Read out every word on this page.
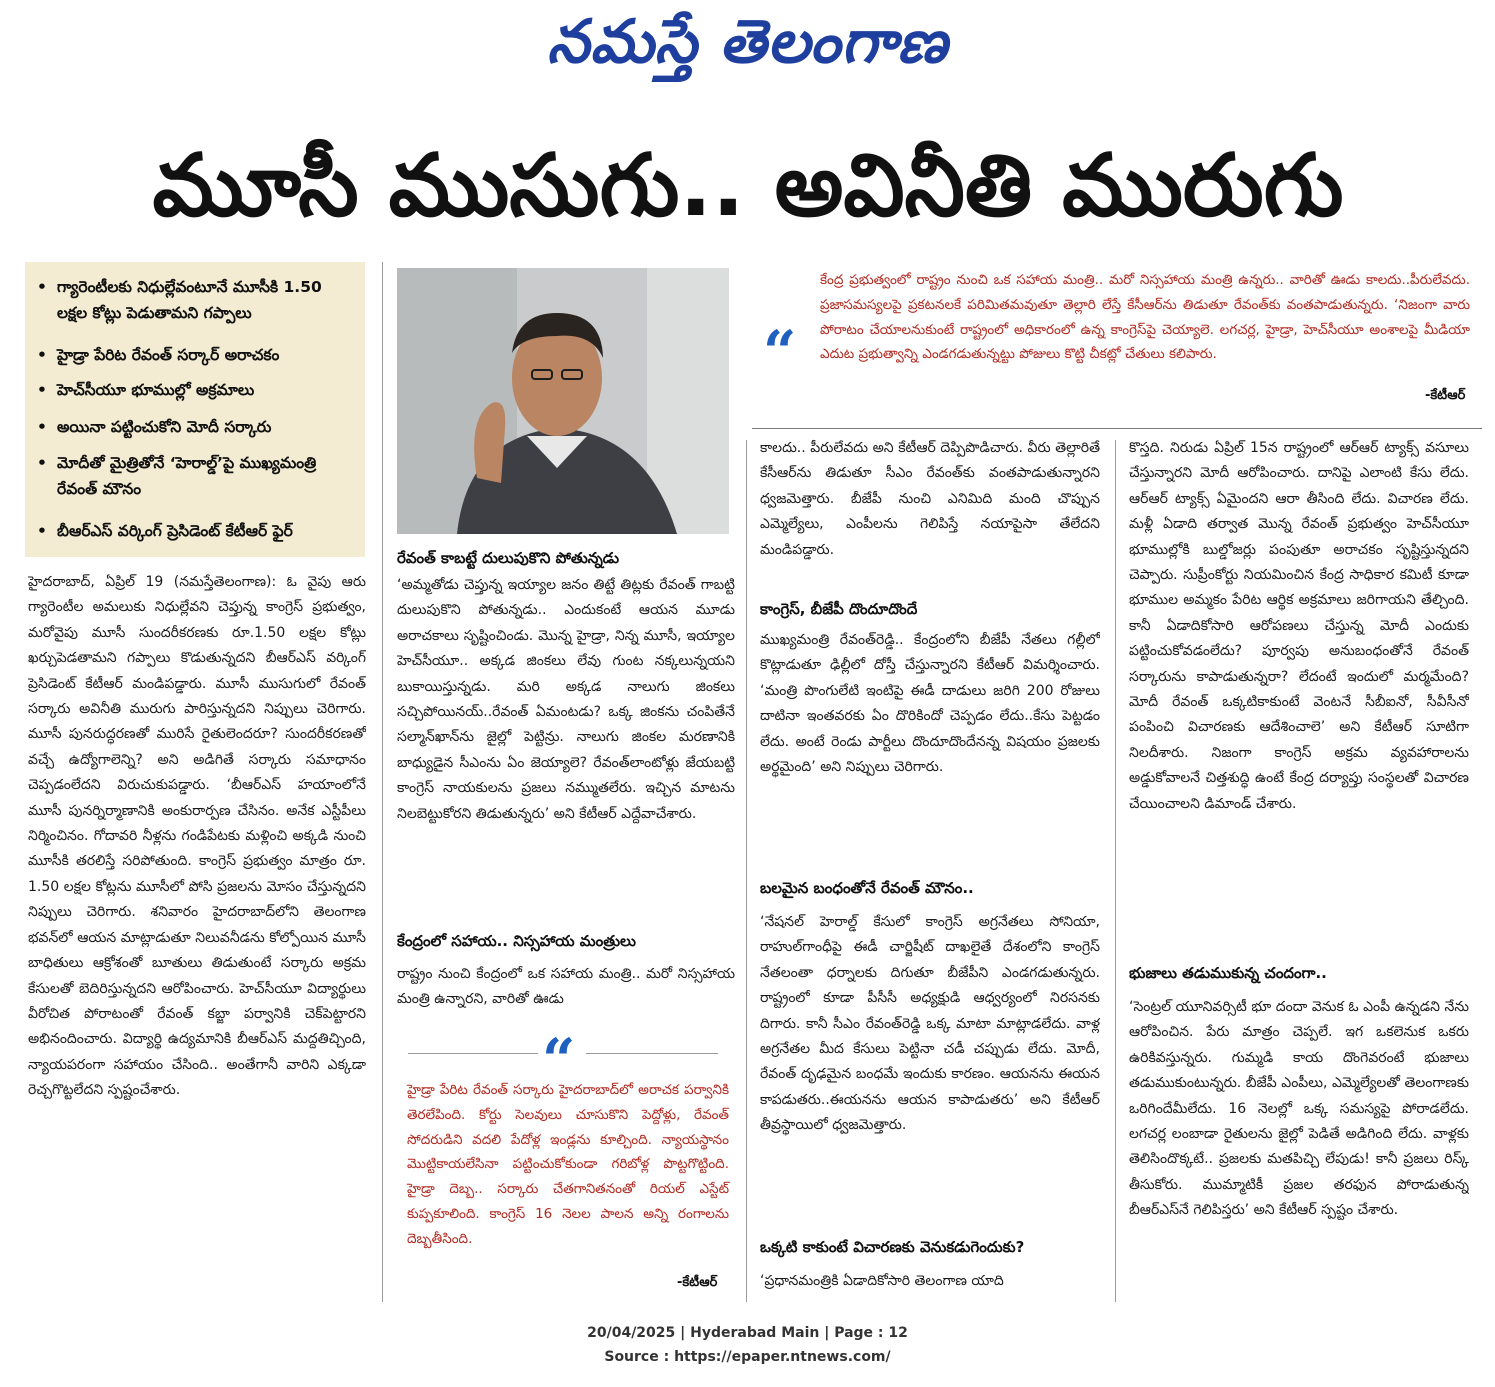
నమస్తే తెలంగాణ
మూసీ ముసుగు.. అవినీతి మురుగు
• గ్యారెంటీలకు నిధుల్లేవంటూనే మూసీకి 1.50 లక్షల కోట్లు పెడుతామని గప్పాలు
• హైడ్రా పేరిట రేవంత్ సర్కార్ అరాచకం
• హెచ్‌సీయూ భూముల్లో అక్రమాలు
• అయినా పట్టించుకోని మోదీ సర్కారు
• మోదీతో మైత్రితోనే ‘హెరాల్డ్’పై ముఖ్యమంత్రి రేవంత్ మౌనం
• బీఆర్ఎస్ వర్కింగ్ ప్రెసిడెంట్ కేటీఆర్ ఫైర్
రేవంత్ కాబట్టే దులుపుకొని పోతున్నడు
“
కేంద్ర ప్రభుత్వంలో రాష్ట్రం నుంచి ఒక సహాయ మంత్రి.. మరో నిస్సహాయ మంత్రి ఉన్నరు.. వారితో ఊడు కాలదు..పీరులేవదు. ప్రజాసమస్యలపై ప్రకటనలకే పరిమితమవుతూ తెల్లారి లేస్తే కేసీఆర్‌ను తిడుతూ రేవంత్‌కు వంతపాడుతున్నరు. ‘నిజంగా వారు పోరాటం చేయాలనుకుంటే రాష్ట్రంలో అధికారంలో ఉన్న కాంగ్రెస్‌పై చెయ్యాలె. లగచర్ల, హైడ్రా, హెచ్‌సీయూ అంశాలపై మీడియా ఎదుట ప్రభుత్వాన్ని ఎండగడుతున్నట్టు పోజులు కొట్టి చీకట్లో చేతులు కలిపారు.
-కేటీఆర్
హైదరాబాద్, ఏప్రిల్ 19 (నమస్తేతెలంగాణ): ఓ వైపు ఆరు గ్యారెంటీల అమలుకు నిధుల్లేవని చెప్తున్న కాంగ్రెస్ ప్రభుత్వం, మరోవైపు మూసీ సుందరీకరణకు రూ.1.50 లక్షల కోట్లు ఖర్చుపెడతామని గప్పాలు కొడుతున్నదని బీఆర్ఎస్ వర్కింగ్ ప్రెసిడెంట్ కేటీఆర్ మండిపడ్డారు. మూసీ ముసుగులో రేవంత్ సర్కారు అవినీతి మురుగు పారిస్తున్నదని నిప్పులు చెరిగారు. మూసీ పునరుద్ధరణతో మురిసే రైతులెందరూ? సుందరీకరణతో వచ్చే ఉద్యోగాలెన్ని? అని అడిగితే సర్కారు సమాధానం చెప్పడంలేదని విరుచుకుపడ్డారు. ‘బీఆర్ఎస్ హయాంలోనే మూసీ పునర్నిర్మాణానికి అంకురార్పణ చేసినం. అనేక ఎస్టీపీలు నిర్మించినం. గోదావరి నీళ్లను గండిపేటకు మళ్లించి అక్కడి నుంచి మూసీకి తరలిస్తే సరిపోతుంది. కాంగ్రెస్ ప్రభుత్వం మాత్రం రూ. 1.50 లక్షల కోట్లను మూసీలో పోసి ప్రజలను మోసం చేస్తున్నదని నిప్పులు చెరిగారు. శనివారం హైదరాబాద్‌లోని తెలంగాణ భవన్‌లో ఆయన మాట్లాడుతూ నిలువనీడను కోల్పోయిన మూసీ బాధితులు ఆక్రోశంతో బూతులు తిడుతుంటే సర్కారు అక్రమ కేసులతో బెదిరిస్తున్నదని ఆరోపించారు. హెచ్‌సీయూ విద్యార్థులు వీరోచిత పోరాటంతో రేవంత్ కబ్జా పర్వానికి చెక్‌పెట్టారని అభినందించారు. విద్యార్థి ఉద్యమానికి బీఆర్ఎస్ మద్దతిచ్చింది, న్యాయపరంగా సహాయం చేసింది.. అంతేగానీ వారిని ఎక్కడా రెచ్చగొట్టలేదని స్పష్టంచేశారు.
‘అమ్మతోడు చెప్తున్న ఇయ్యాల జనం తిట్టే తిట్లకు రేవంత్ గాబట్టి దులుపుకొని పోతున్నడు.. ఎందుకంటే ఆయన మూడు అరాచకాలు సృష్టించిండు. మొన్న హైడ్రా, నిన్న మూసీ, ఇయ్యాల హెచ్‌సీయూ.. అక్కడ జింకలు లేవు గుంట నక్కలున్నయని బుకాయిస్తున్నడు. మరి అక్కడ నాలుగు జింకలు సచ్చిపోయినయ్..రేవంత్ ఏమంటడు? ఒక్క జింకను చంపితేనే సల్మాన్‌ఖాన్‌ను జైల్లో పెట్టిన్రు. నాలుగు జింకల మరణానికి బాధ్యుడైన సీఎంను ఏం జెయ్యాలె? రేవంత్‌లాంటోళ్లు జేయబట్టి కాంగ్రెస్ నాయకులను ప్రజలు నమ్ముతలేరు. ఇచ్చిన మాటను నిలబెట్టుకోరని తిడుతున్నరు’ అని కేటీఆర్ ఎద్దేవాచేశారు.
కేంద్రంలో సహాయ.. నిస్సహాయ మంత్రులు
రాష్ట్రం నుంచి కేంద్రంలో ఒక సహాయ మంత్రి.. మరో నిస్సహాయ మంత్రి ఉన్నారని, వారితో ఊడు
“
హైడ్రా పేరిట రేవంత్ సర్కారు హైదరాబాద్‌లో అరాచక పర్వానికి తెరలేపింది. కోర్టు సెలవులు చూసుకొని పెద్దోళ్లు, రేవంత్ సోదరుడిని వదలి పేదోళ్ల ఇండ్లను కూల్చింది. న్యాయస్థానం మొట్టికాయలేసినా పట్టించుకోకుండా గరిబోళ్ల పొట్టగొట్టింది. హైడ్రా దెబ్బ.. సర్కారు చేతగానితనంతో రియల్ ఎస్టేట్ కుప్పకూలింది. కాంగ్రెస్ 16 నెలల పాలన అన్ని రంగాలను దెబ్బతీసింది.
-కేటీఆర్
కాలదు.. పీరులేవదు అని కేటీఆర్ దెప్పిపొడిచారు. వీరు తెల్లారితే కేసీఆర్‌ను తిడుతూ సీఎం రేవంత్‌కు వంతపాడుతున్నారని ధ్వజమెత్తారు. బీజేపీ నుంచి ఎనిమిది మంది చొప్పున ఎమ్మెల్యేలు, ఎంపీలను గెలిపిస్తే నయాపైసా తేలేదని మండిపడ్డారు.
కాంగ్రెస్, బీజేపీ దొందూదొందే
ముఖ్యమంత్రి రేవంత్‌రెడ్డి.. కేంద్రంలోని బీజేపీ నేతలు గల్లీలో కొట్లాడుతూ ఢిల్లీలో దోస్తీ చేస్తున్నారని కేటీఆర్ విమర్శించారు. ‘మంత్రి పొంగులేటి ఇంటిపై ఈడీ దాడులు జరిగి 200 రోజులు దాటినా ఇంతవరకు ఏం దొరికిందో చెప్పడం లేదు..కేసు పెట్టడం లేదు. అంటే రెండు పార్టీలు దొందూదొందేనన్న విషయం ప్రజలకు అర్థమైంది’ అని నిప్పులు చెరిగారు.
బలమైన బంధంతోనే రేవంత్ మౌనం..
‘నేషనల్ హెరాల్డ్ కేసులో కాంగ్రెస్ అగ్రనేతలు సోనియా, రాహుల్‌గాంధీపై ఈడీ చార్జిషీట్ దాఖలైతే దేశంలోని కాంగ్రెస్ నేతలంతా ధర్నాలకు దిగుతూ బీజేపీని ఎండగడుతున్నరు. రాష్ట్రంలో కూడా పీసీసీ అధ్యక్షుడి ఆధ్వర్యంలో నిరసనకు దిగారు. కానీ సీఎం రేవంత్‌రెడ్డి ఒక్క మాటా మాట్లాడలేదు. వాళ్ల అగ్రనేతల మీద కేసులు పెట్టినా చడీ చప్పుడు లేదు. మోదీ, రేవంత్ దృఢమైన బంధమే ఇందుకు కారణం. ఆయనను ఈయన కాపడుతరు..ఈయనను ఆయన కాపాడుతరు’ అని కేటీఆర్ తీవ్రస్థాయిలో ధ్వజమెత్తారు.
ఒక్కటి కాకుంటే విచారణకు వెనుకడుగెందుకు?
‘ప్రధానమంత్రికి ఏడాదికోసారి తెలంగాణ యాది
కొస్తది. నిరుడు ఏప్రిల్ 15న రాష్ట్రంలో ఆర్ఆర్ ట్యాక్స్ వసూలు చేస్తున్నారని మోదీ ఆరోపించారు. దానిపై ఎలాంటి కేసు లేదు. ఆర్ఆర్ ట్యాక్స్ ఏమైందని ఆరా తీసింది లేదు. విచారణ లేదు. మళ్లీ ఏడాది తర్వాత మొన్న రేవంత్ ప్రభుత్వం హెచ్‌సీయూ భూముల్లోకి బుల్డోజర్లు పంపుతూ అరాచకం సృష్టిస్తున్నదని చెప్పారు. సుప్రీంకోర్టు నియమించిన కేంద్ర సాధికార కమిటీ కూడా భూముల అమ్మకం పేరిట ఆర్థిక అక్రమాలు జరిగాయని తేల్చింది. కానీ ఏడాదికోసారి ఆరోపణలు చేస్తున్న మోదీ ఎందుకు పట్టించుకోవడంలేదు? పూర్వపు అనుబంధంతోనే రేవంత్ సర్కారును కాపాడుతున్నరా? లేదంటే ఇందులో మర్మమేంది? మోదీ రేవంత్ ఒక్కటికాకుంటే వెంటనే సీబీఐనో, సీవీసీనో పంపించి విచారణకు ఆదేశించాలె’ అని కేటీఆర్ సూటిగా నిలదీశారు. నిజంగా కాంగ్రెస్ అక్రమ వ్యవహారాలను అడ్డుకోవాలనే చిత్తశుద్ధి ఉంటే కేంద్ర దర్యాప్తు సంస్థలతో విచారణ చేయించాలని డిమాండ్ చేశారు.
భుజాలు తడుముకున్న చందంగా..
‘సెంట్రల్ యూనివర్సిటీ భూ దందా వెనుక ఓ ఎంపీ ఉన్నడని నేను ఆరోపించిన. పేరు మాత్రం చెప్పలే. ఇగ ఒకలెనుక ఒకరు ఉరికివస్తున్నరు. గుమ్మడి కాయ దొంగెవరంటే భుజాలు తడుముకుంటున్నరు. బీజేపీ ఎంపీలు, ఎమ్మెల్యేలతో తెలంగాణకు ఒరిగిందేమీలేదు. 16 నెలల్లో ఒక్క సమస్యపై పోరాడలేదు. లగచర్ల లంబాడా రైతులను జైల్లో పెడితే అడిగింది లేదు. వాళ్లకు తెలిసిందొక్కటే.. ప్రజలకు మతపిచ్చి లేపుడు! కానీ ప్రజలు రిస్క్ తీసుకోరు. ముమ్మాటికీ ప్రజల తరఫున పోరాడుతున్న బీఆర్ఎస్‌నే గెలిపిస్తరు’ అని కేటీఆర్ స్పష్టం చేశారు.
20/04/2025 | Hyderabad Main | Page : 12
Source : https://epaper.ntnews.com/
